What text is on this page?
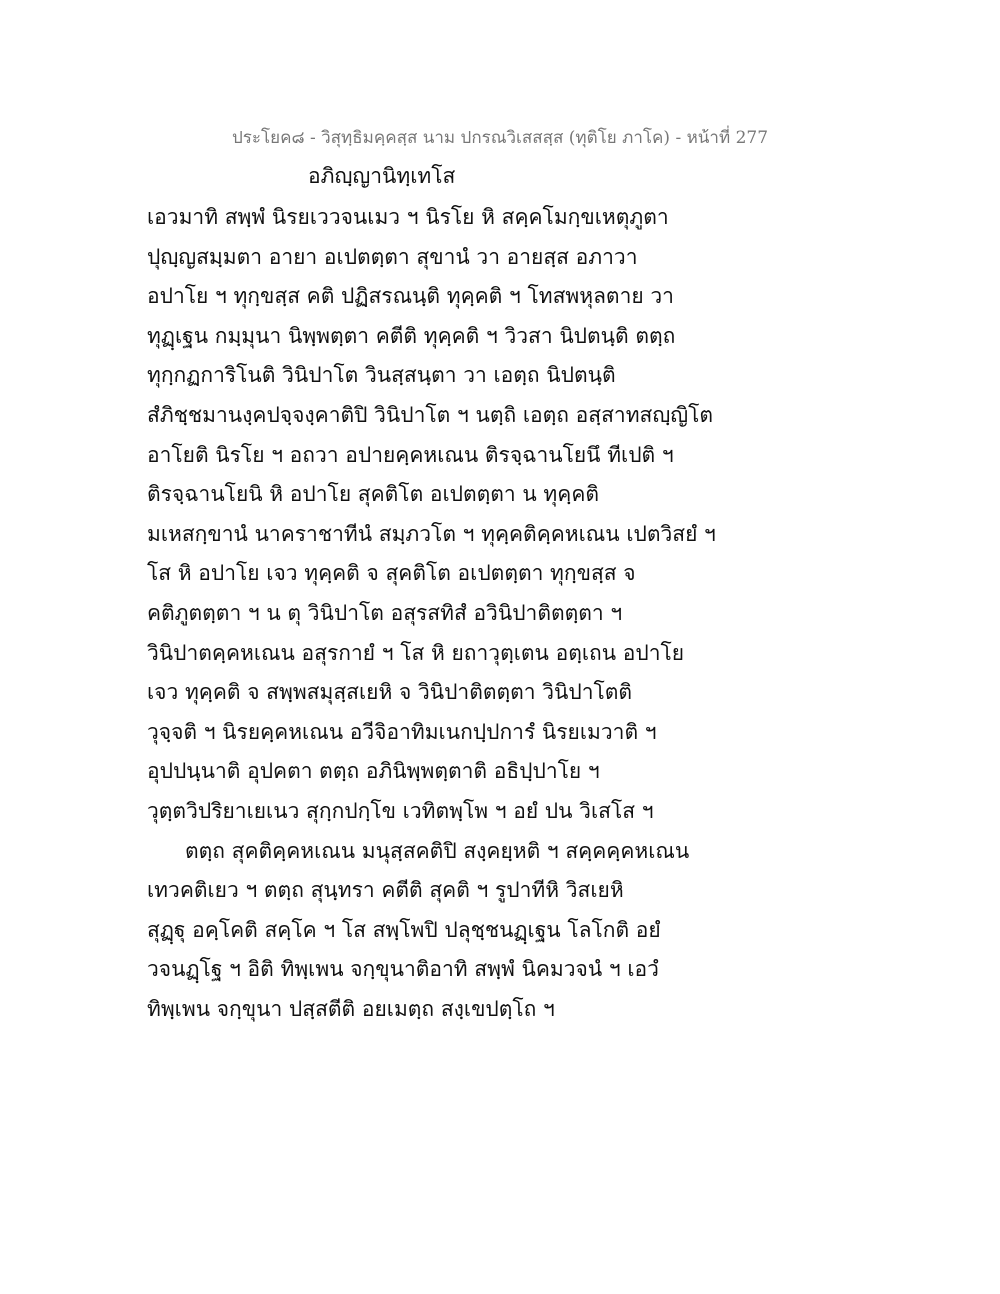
ประโยค๘ - วิสุทฺธิมคฺคสฺส นาม ปกรณวิเสสสฺส (ทุติโย ภาโค) - หน้าที่ 277
อภิญฺญานิทฺเทโส
เอวมาทิ สพฺพํ นิรยเววจนเมว ฯ นิรโย หิ สคฺคโมกฺขเหตุภูตา
ปุญฺญสมฺมตา อายา อเปตตฺตา สุขานํ วา อายสฺส อภาวา
อปาโย ฯ ทุกฺขสฺส คติ ปฏิสรณนฺติ ทุคฺคติ ฯ โทสพหุลตาย วา
ทุฏฺเฐน กมฺมุนา นิพฺพตฺตา คตีติ ทุคฺคติ ฯ วิวสา นิปตนฺติ ตตฺถ
ทุกฺกฏการิโนติ วินิปาโต วินสฺสนฺตา วา เอตฺถ นิปตนฺติ
สํภิชฺชมานงฺคปจฺจงฺคาติปิ วินิปาโต ฯ นตฺถิ เอตฺถ อสฺสาทสญฺญิโต
อาโยติ นิรโย ฯ อถวา อปายคฺคหเณน ติรจฺฉานโยนึ ทีเปติ ฯ
ติรจฺฉานโยนิ หิ อปาโย สุคติโต อเปตตฺตา น ทุคฺคติ
มเหสกฺขานํ นาคราชาทีนํ สมฺภวโต ฯ ทุคฺคติคฺคหเณน เปตวิสยํ ฯ
โส หิ อปาโย เจว ทุคฺคติ จ สุคติโต อเปตตฺตา ทุกฺขสฺส จ
คติภูตตฺตา ฯ น ตุ วินิปาโต อสุรสทิสํ อวินิปาติตตฺตา ฯ
วินิปาตคฺคหเณน อสุรกายํ ฯ โส หิ ยถาวุตฺเตน อตฺเถน อปาโย
เจว ทุคฺคติ จ สพฺพสมุสฺสเยหิ จ วินิปาติตตฺตา วินิปาโตติ
วุจฺจติ ฯ นิรยคฺคหเณน อวีจิอาทิมเนกปฺปการํ นิรยเมวาติ ฯ
อุปปนฺนาติ อุปคตา ตตฺถ อภินิพฺพตฺตาติ อธิปฺปาโย ฯ
วุตฺตวิปริยาเยเนว สุกฺกปกฺโข เวทิตพฺโพ ฯ อยํ ปน วิเสโส ฯ
ตตฺถ สุคติคฺคหเณน มนุสฺสคติปิ สงฺคยฺหติ ฯ สคฺคคฺคหเณน
เทวคติเยว ฯ ตตฺถ สุนฺทรา คตีติ สุคติ ฯ รูปาทีหิ วิสเยหิ
สุฏฺฐุ อคฺโคติ สคฺโค ฯ โส สพฺโพปิ ปลุชฺชนฏฺเฐน โลโกติ อยํ
วจนฏฺโฐ ฯ อิติ ทิพฺเพน จกฺขุนาติอาทิ สพฺพํ นิคมวจนํ ฯ เอวํ
ทิพฺเพน จกฺขุนา ปสฺสตีติ อยเมตฺถ สงฺเขปตฺโถ ฯ
